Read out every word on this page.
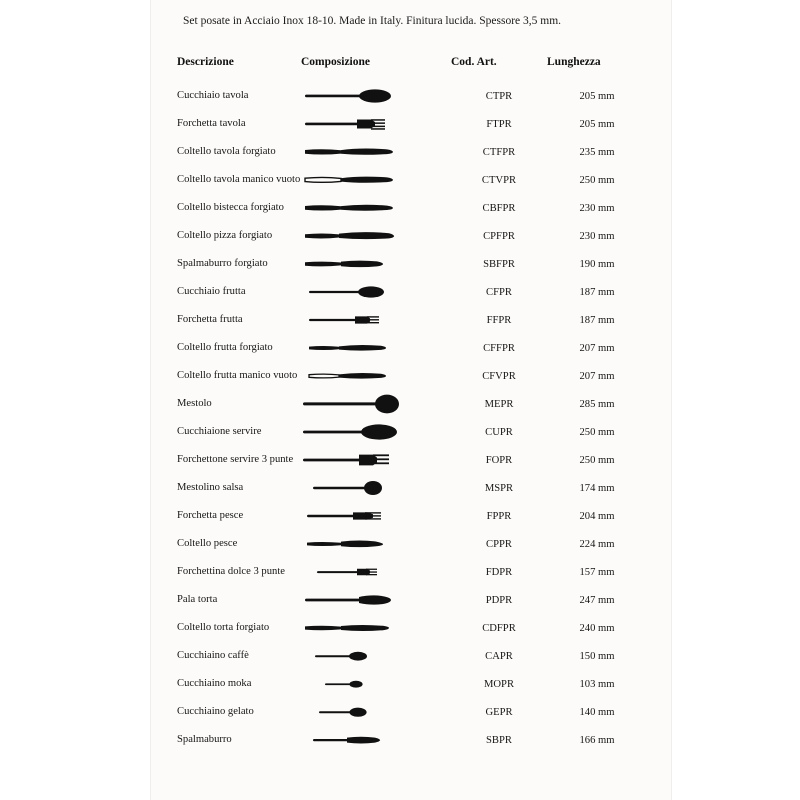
Set posate in Acciaio Inox 18-10. Made in Italy. Finitura lucida. Spessore 3,5 mm.
Descrizione	Composizione	Cod. Art.	Lunghezza
Cucchiaio tavola		CTPR	205 mm
Forchetta tavola		FTPR	205 mm
Coltello tavola forgiato		CTFPR	235 mm
Coltello tavola manico vuoto		CTVPR	250 mm
Coltello bistecca forgiato		CBFPR	230 mm
Coltello pizza forgiato		CPFPR	230 mm
Spalmaburro forgiato		SBFPR	190 mm
Cucchiaio frutta		CFPR	187 mm
Forchetta frutta		FFPR	187 mm
Coltello frutta forgiato		CFFPR	207 mm
Coltello frutta manico vuoto		CFVPR	207 mm
Mestolo		MEPR	285 mm
Cucchiaione servire		CUPR	250 mm
Forchettone servire 3 punte		FOPR	250 mm
Mestolino salsa		MSPR	174 mm
Forchetta pesce		FPPR	204 mm
Coltello pesce		CPPR	224 mm
Forchettina dolce 3 punte		FDPR	157 mm
Pala torta		PDPR	247 mm
Coltello torta forgiato		CDFPR	240 mm
Cucchiaino caffè		CAPR	150 mm
Cucchiaino moka		MOPR	103 mm
Cucchiaino gelato		GEPR	140 mm
Spalmaburro		SBPR	166 mm
